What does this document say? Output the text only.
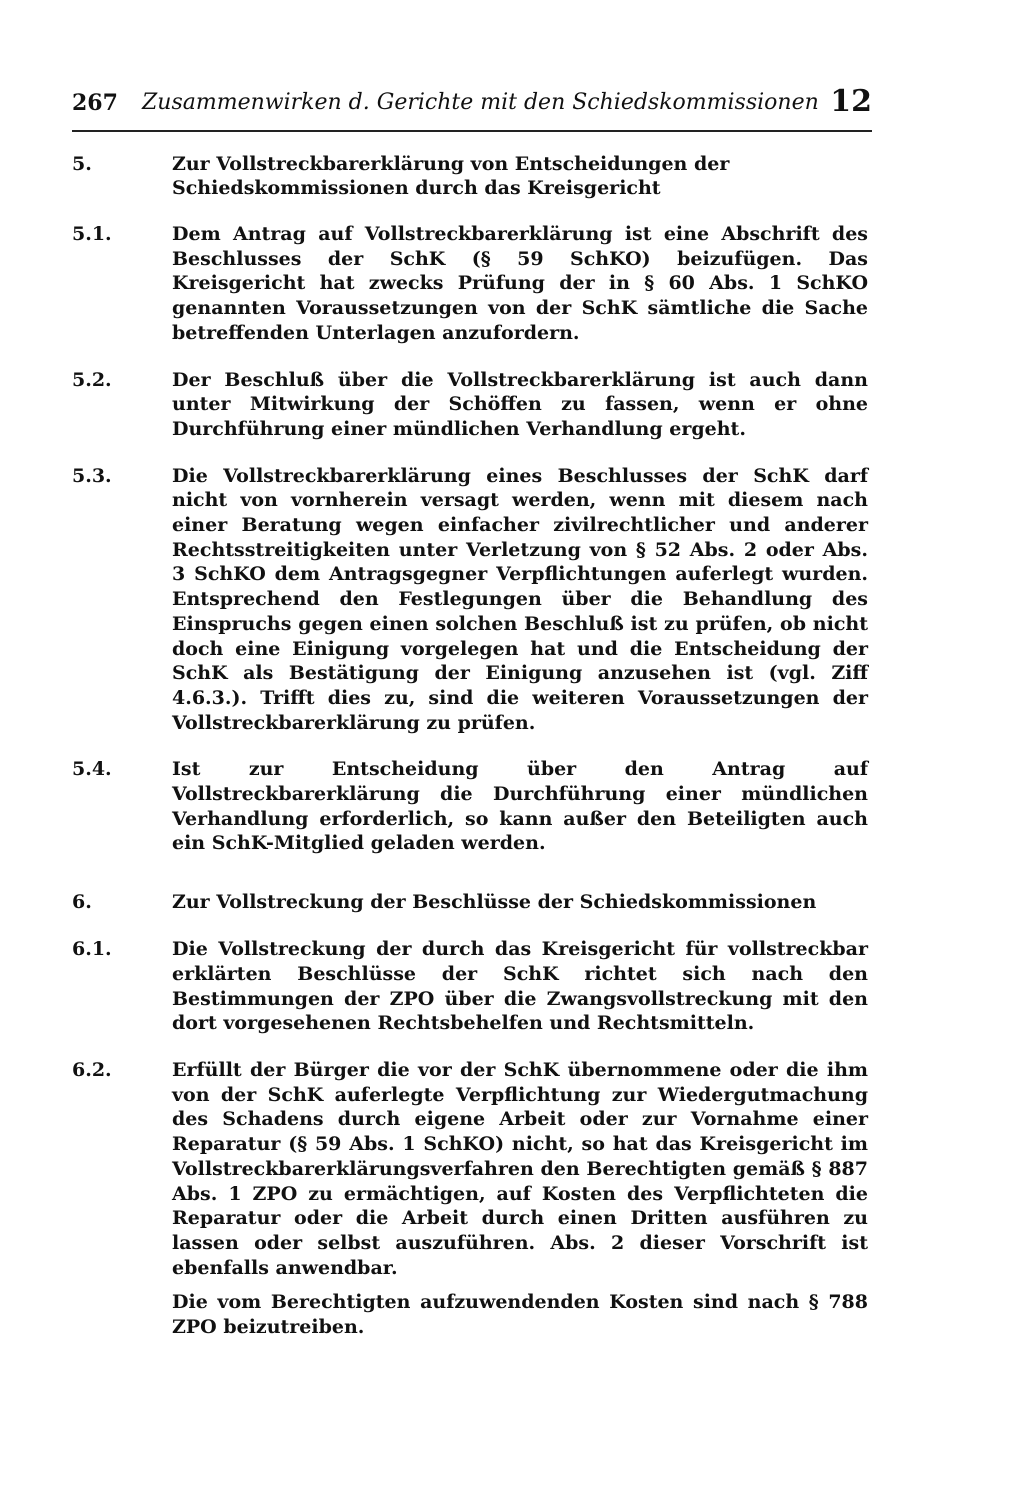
267 Zusammenwirken d. Gerichte mit den Schiedskommissionen 12
5.	Zur Vollstreckbarerklärung von Entscheidungen der Schiedskommissionen durch das Kreisgericht
5.1.	Dem Antrag auf Vollstreckbarerklärung ist eine Abschrift des Beschlusses der SchK (§ 59 SchKO) beizufügen. Das Kreisgericht hat zwecks Prüfung der in § 60 Abs. 1 SchKO genannten Voraussetzungen von der SchK sämtliche die Sache betreffenden Unterlagen anzufordern.
5.2.	Der Beschluß über die Vollstreckbarerklärung ist auch dann unter Mitwirkung der Schöffen zu fassen, wenn er ohne Durchführung einer mündlichen Verhandlung ergeht.
5.3.	Die Vollstreckbarerklärung eines Beschlusses der SchK darf nicht von vornherein versagt werden, wenn mit diesem nach einer Beratung wegen einfacher zivilrechtlicher und anderer Rechtsstreitigkeiten unter Verletzung von § 52 Abs. 2 oder Abs. 3 SchKO dem Antragsgegner Verpflichtungen auferlegt wurden. Entsprechend den Festlegungen über die Behandlung des Einspruchs gegen einen solchen Beschluß ist zu prüfen, ob nicht doch eine Einigung vorgelegen hat und die Entscheidung der SchK als Bestätigung der Einigung anzusehen ist (vgl. Ziff 4.6.3.). Trifft dies zu, sind die weiteren Voraussetzungen der Vollstreckbarerklärung zu prüfen.
5.4.	Ist zur Entscheidung über den Antrag auf Vollstreckbarerklärung die Durchführung einer mündlichen Verhandlung erforderlich, so kann außer den Beteiligten auch ein SchK-Mitglied geladen werden.
6.	Zur Vollstreckung der Beschlüsse der Schiedskommissionen
6.1.	Die Vollstreckung der durch das Kreisgericht für vollstreckbar erklärten Beschlüsse der SchK richtet sich nach den Bestimmungen der ZPO über die Zwangsvollstreckung mit den dort vorgesehenen Rechtsbehelfen und Rechtsmitteln.
6.2.	Erfüllt der Bürger die vor der SchK übernommene oder die ihm von der SchK auferlegte Verpflichtung zur Wiedergutmachung des Schadens durch eigene Arbeit oder zur Vornahme einer Reparatur (§ 59 Abs. 1 SchKO) nicht, so hat das Kreisgericht im Vollstreckbarerklärungsverfahren den Berechtigten gemäß § 887 Abs. 1 ZPO zu ermächtigen, auf Kosten des Verpflichteten die Reparatur oder die Arbeit durch einen Dritten ausführen zu lassen oder selbst auszuführen. Abs. 2 dieser Vorschrift ist ebenfalls anwendbar.
Die vom Berechtigten aufzuwendenden Kosten sind nach § 788 ZPO beizutreiben.
